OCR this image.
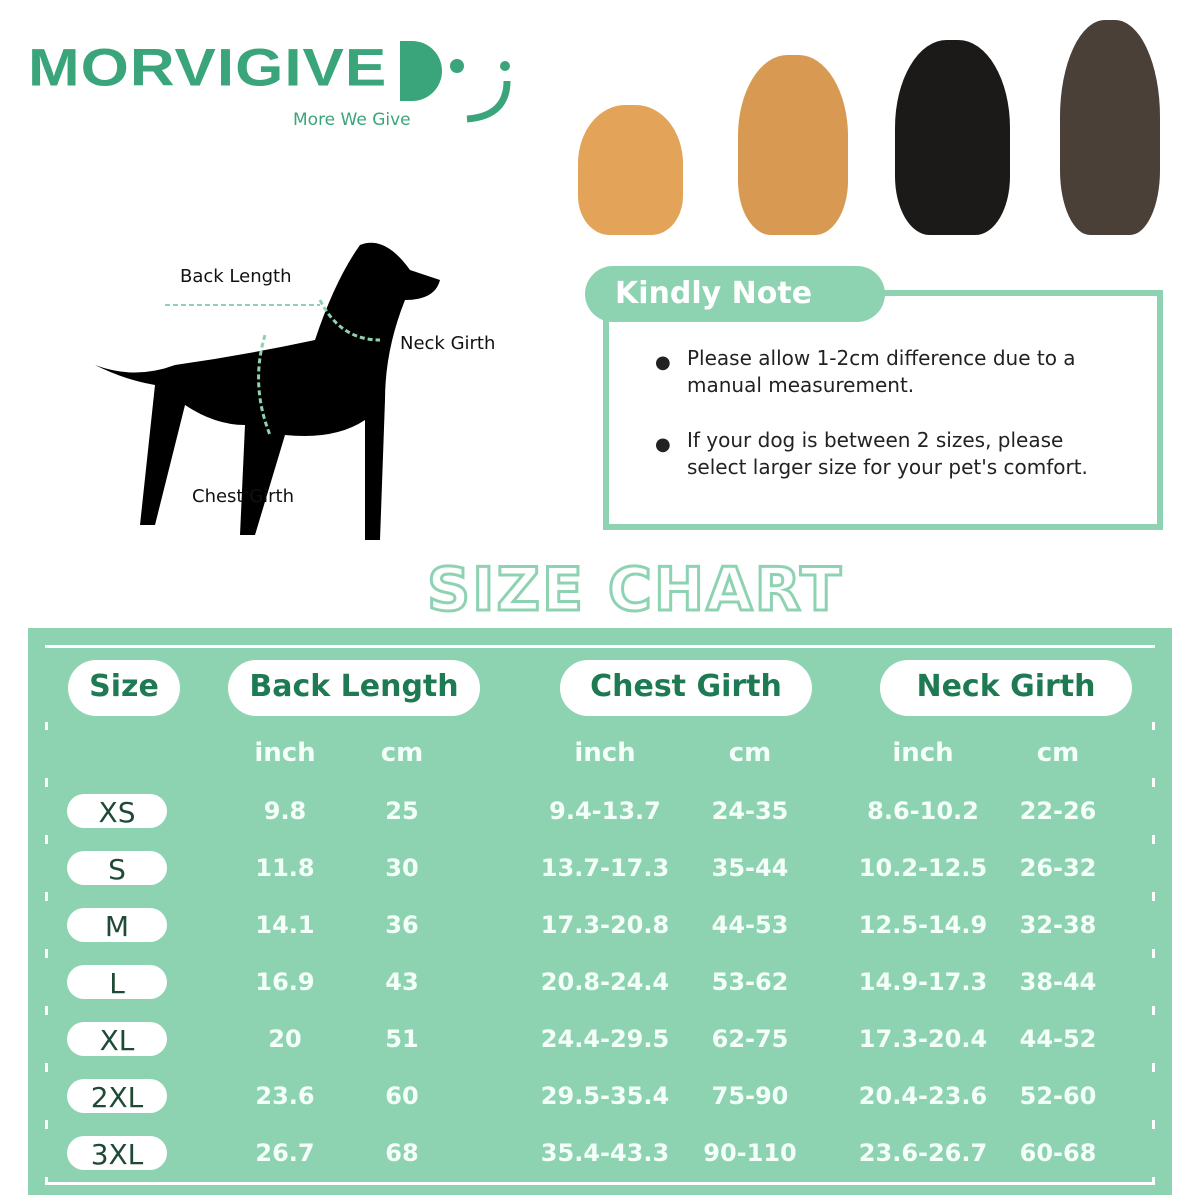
MORVIGIVE
More We Give
Back Length
Neck Girth
Chest Girth
Kindly Note
● Please allow 1-2cm difference due to a manual measurement.
● If your dog is between 2 sizes, please select larger size for your pet's comfort.
SIZE CHART
Size	Back Length	Chest Girth	Neck Girth
inch	cm	inch	cm	inch	cm
XS	9.8	25	9.4-13.7 24-35	8.6-10.2 22-26
S	11.8	30	13.7-17.3 35-44	10.2-12.5 26-32
M	14.1	36	17.3-20.8 44-53	12.5-14.9 32-38
L	16.9	43	20.8-24.4 53-62	14.9-17.3 38-44
XL	20	51	24.4-29.5 62-75	17.3-20.4 44-52
2XL	23.6	60	29.5-35.4 75-90	20.4-23.6 52-60
3XL	26.7	68	35.4-43.3 90-110	23.6-26.7 60-68
